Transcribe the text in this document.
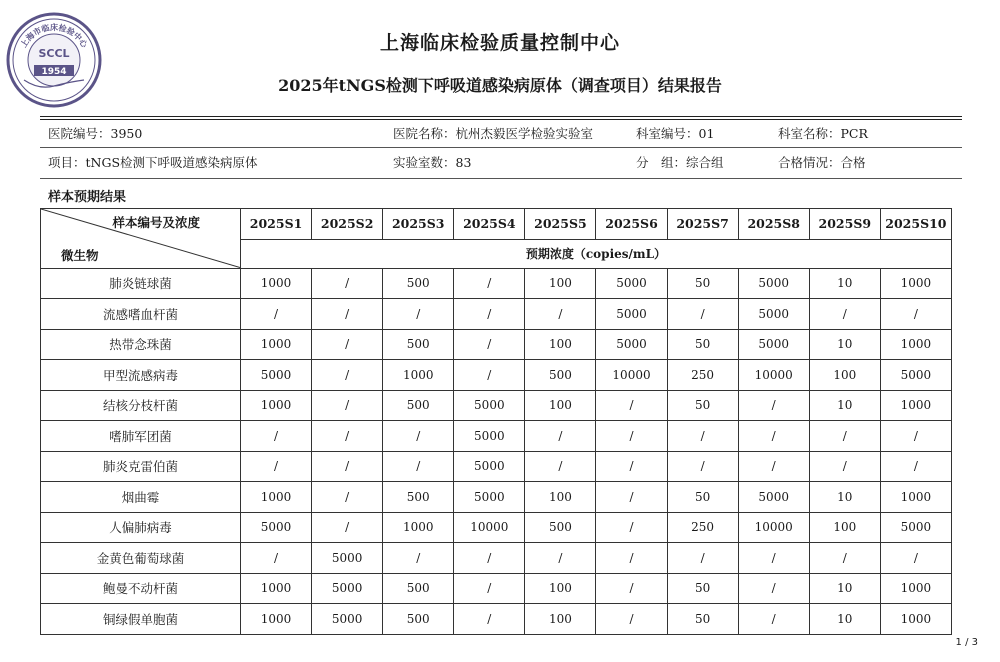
上海市临床检验中心
SCCL
1954
上海临床检验质量控制中心
2025年tNGS检测下呼吸道感染病原体（调查项目）结果报告
医院编号：3950	医院名称：杭州杰毅医学检验实验室	科室编号：01	科室名称：PCR
项目：tNGS检测下呼吸道感染病原体	实验室数：83	分　组：综合组	合格情况：合格
样本预期结果
样本编号及浓度
微生物	2025S1	2025S2	2025S3	2025S4	2025S5	2025S6	2025S7	2025S8	2025S9	2025S10
	预期浓度（copies/mL）									
肺炎链球菌	1000	/	500	/	100	5000	50	5000	10	1000
流感嗜血杆菌	/	/	/	/	/	5000	/	5000	/	/
热带念珠菌	1000	/	500	/	100	5000	50	5000	10	1000
甲型流感病毒	5000	/	1000	/	500	10000	250	10000	100	5000
结核分枝杆菌	1000	/	500	5000	100	/	50	/	10	1000
嗜肺军团菌	/	/	/	5000	/	/	/	/	/	/
肺炎克雷伯菌	/	/	/	5000	/	/	/	/	/	/
烟曲霉	1000	/	500	5000	100	/	50	5000	10	1000
人偏肺病毒	5000	/	1000	10000	500	/	250	10000	100	5000
金黄色葡萄球菌	/	5000	/	/	/	/	/	/	/	/
鲍曼不动杆菌	1000	5000	500	/	100	/	50	/	10	1000
铜绿假单胞菌	1000	5000	500	/	100	/	50	/	10	1000
1 / 3
